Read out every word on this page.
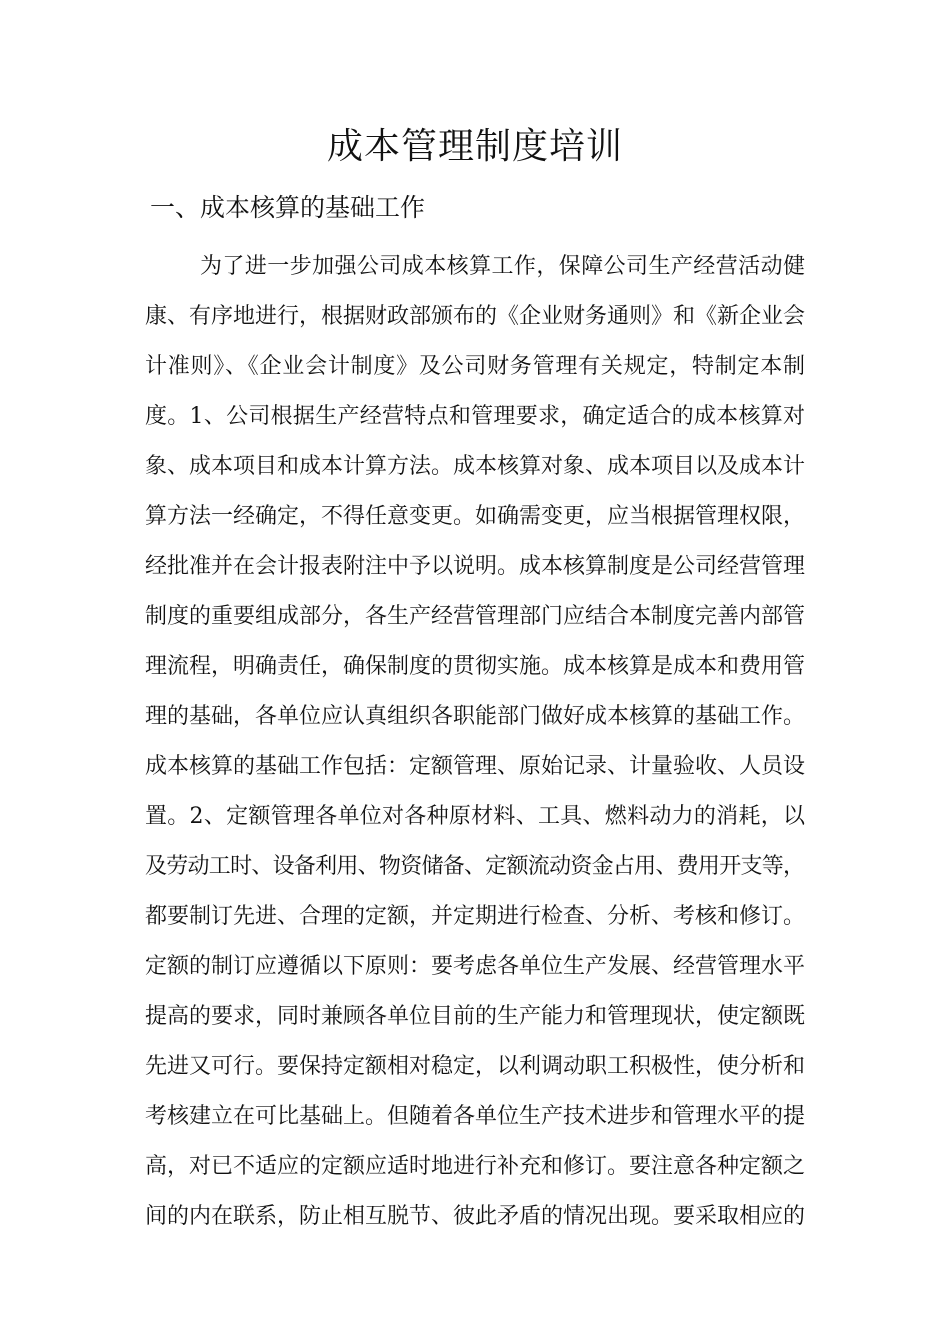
成本管理制度培训
一、成本核算的基础工作
为了进一步加强公司成本核算工作，保障公司生产经营活动健
康、有序地进行，根据财政部颁布的《企业财务通则》和《新企业会
计准则》、《企业会计制度》及公司财务管理有关规定，特制定本制
度。1、公司根据生产经营特点和管理要求，确定适合的成本核算对
象、成本项目和成本计算方法。成本核算对象、成本项目以及成本计
算方法一经确定，不得任意变更。如确需变更，应当根据管理权限，
经批准并在会计报表附注中予以说明。成本核算制度是公司经营管理
制度的重要组成部分，各生产经营管理部门应结合本制度完善内部管
理流程，明确责任，确保制度的贯彻实施。成本核算是成本和费用管
理的基础，各单位应认真组织各职能部门做好成本核算的基础工作。
成本核算的基础工作包括：定额管理、原始记录、计量验收、人员设
置。2、定额管理各单位对各种原材料、工具、燃料动力的消耗，以
及劳动工时、设备利用、物资储备、定额流动资金占用、费用开支等，
都要制订先进、合理的定额，并定期进行检查、分析、考核和修订。
定额的制订应遵循以下原则：要考虑各单位生产发展、经营管理水平
提高的要求，同时兼顾各单位目前的生产能力和管理现状，使定额既
先进又可行。要保持定额相对稳定，以利调动职工积极性，使分析和
考核建立在可比基础上。但随着各单位生产技术进步和管理水平的提
高，对已不适应的定额应适时地进行补充和修订。要注意各种定额之
间的内在联系，防止相互脱节、彼此矛盾的情况出现。要采取相应的
